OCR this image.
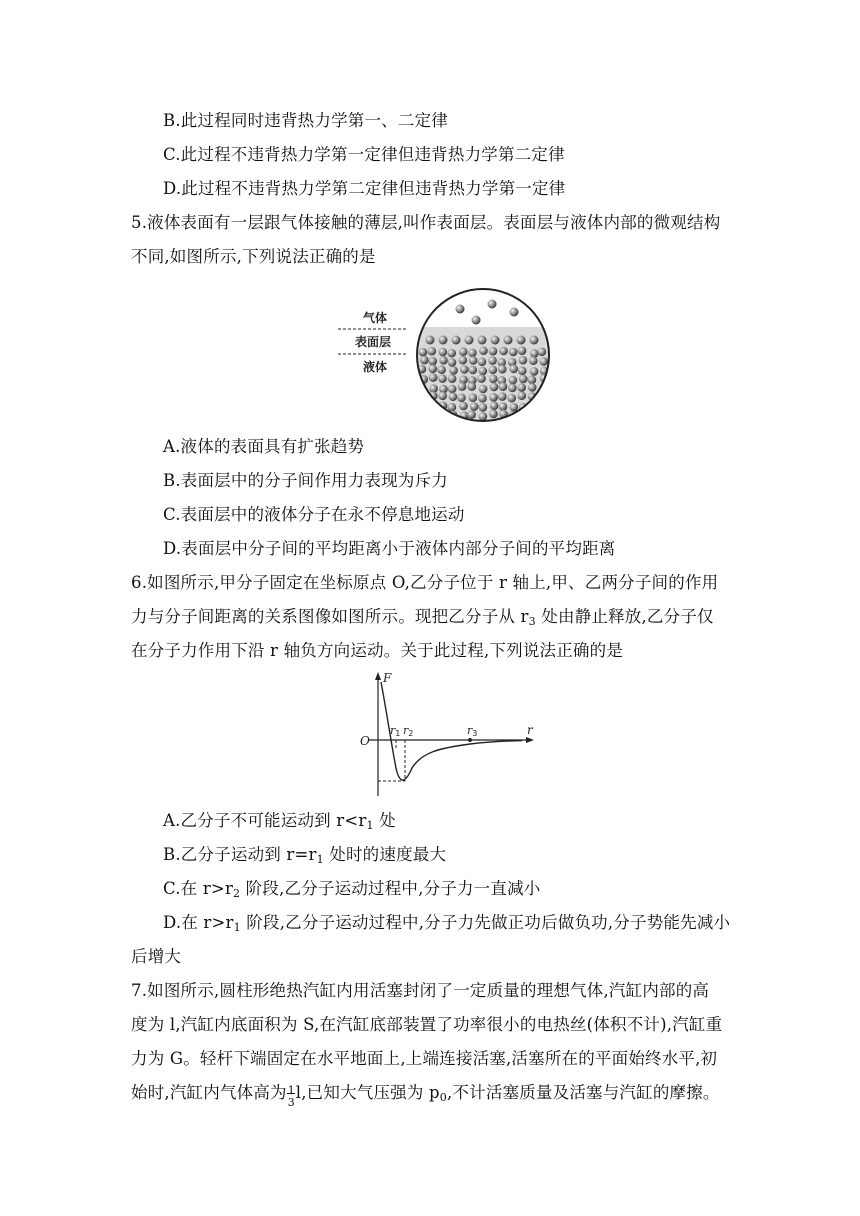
B.此过程同时违背热力学第一、二定律
C.此过程不违背热力学第一定律但违背热力学第二定律
D.此过程不违背热力学第二定律但违背热力学第一定律
5.液体表面有一层跟气体接触的薄层,叫作表面层。表面层与液体内部的微观结构
不同,如图所示,下列说法正确的是
气体
表面层
液体
A.液体的表面具有扩张趋势
B.表面层中的分子间作用力表现为斥力
C.表面层中的液体分子在永不停息地运动
D.表面层中分子间的平均距离小于液体内部分子间的平均距离
6.如图所示,甲分子固定在坐标原点 O,乙分子位于 r 轴上,甲、乙两分子间的作用
力与分子间距离的关系图像如图所示。现把乙分子从 $r_3$ 处由静止释放,乙分子仅
在分子力作用下沿 r 轴负方向运动。关于此过程,下列说法正确的是
F
O
r
r1 r2	r3
A.乙分子不可能运动到 $r<r_1$ 处
B.乙分子运动到 $r=r_1$ 处时的速度最大
C.在 $r>r_2$ 阶段,乙分子运动过程中,分子力一直减小
D.在 $r>r_1$ 阶段,乙分子运动过程中,分子力先做正功后做负功,分子势能先减小
后增大
7.如图所示,圆柱形绝热汽缸内用活塞封闭了一定质量的理想气体,汽缸内部的高
度为 l,汽缸内底面积为 S,在汽缸底部装置了功率很小的电热丝(体积不计),汽缸重
力为 G。轻杆下端固定在水平地面上,上端连接活塞,活塞所在的平面始终水平,初
始时,汽缸内气体高为 1
3
l,已知大气压强为 $p_0$,不计活塞质量及活塞与汽缸的摩擦。
